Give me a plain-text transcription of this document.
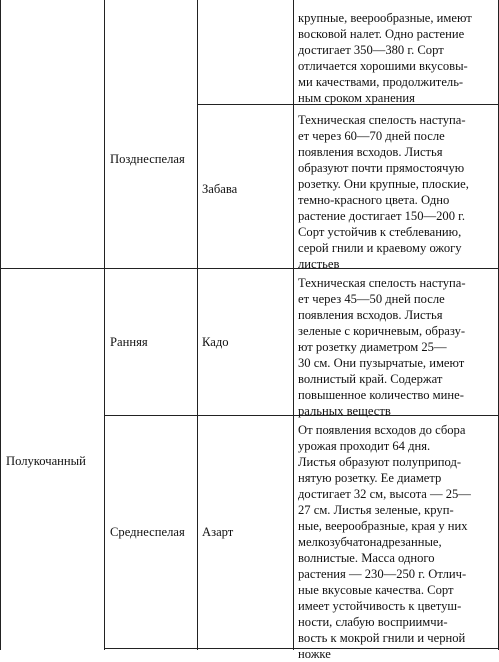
крупные, веерообразные, имеют
восковой налет. Одно растение
достигает 350—380 г. Сорт
отличается хорошими вкусовы-
ми качествами, продолжитель-
ным сроком хранения
Позднеспелая
Забава
Техническая спелость наступа-
ет через 60—70 дней после
появления всходов. Листья
образуют почти прямостоячую
розетку. Они крупные, плоские,
темно-красного цвета. Одно
растение достигает 150—200 г.
Сорт устойчив к стеблеванию,
серой гнили и краевому ожогу
листьев
Полукочанный
Ранняя	Кадо
Техническая спелость наступа-
ет через 45—50 дней после
появления всходов. Листья
зеленые с коричневым, образу-
ют розетку диаметром 25—
30 см. Они пузырчатые, имеют
волнистый край. Содержат
повышенное количество минe-
ральных веществ
Среднеспелая Азарт
От появления всходов до сбора
урожая проходит 64 дня.
Листья образуют полуприпод-
нятую розетку. Ее диаметр
достигает 32 см, высота — 25—
27 см. Листья зеленые, круп-
ные, веерообразные, края у них
мелкозубчатонадрезанные,
волнистые. Масса одного
растения — 230—250 г. Отлич-
ные вкусовые качества. Сорт
имеет устойчивость к цветуш-
ности, слабую восприимчи-
вость к мокрой гнили и черной
ножке
